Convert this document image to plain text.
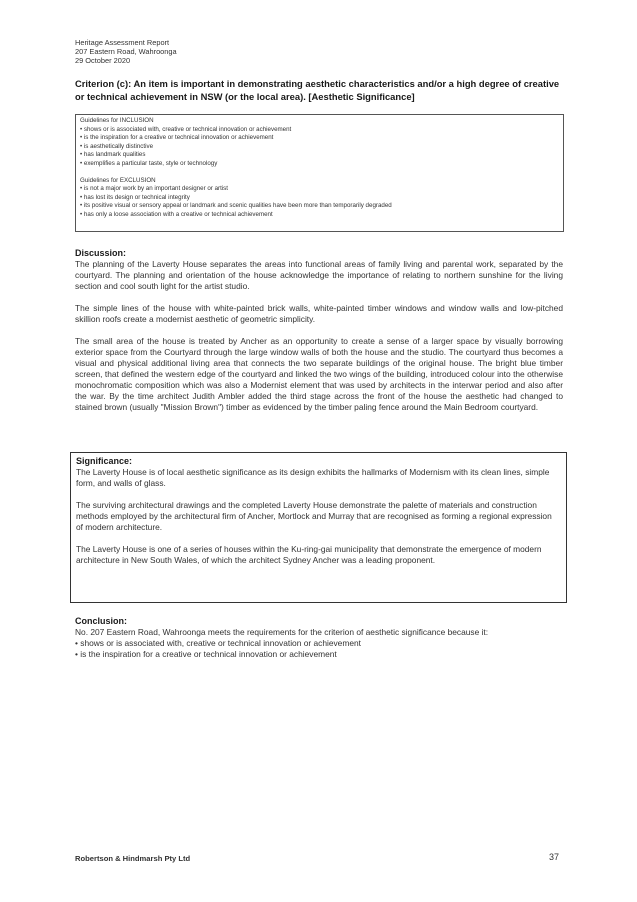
Heritage Assessment Report
207 Eastern Road, Wahroonga
29 October 2020
Criterion (c): An item is important in demonstrating aesthetic characteristics and/or a high degree of creative or technical achievement in NSW (or the local area). [Aesthetic Significance]
Guidelines for INCLUSION
• shows or is associated with, creative or technical innovation or achievement
• is the inspiration for a creative or technical innovation or achievement
• is aesthetically distinctive
• has landmark qualities
• exemplifies a particular taste, style or technology
Guidelines for EXCLUSION
• is not a major work by an important designer or artist
• has lost its design or technical integrity
• its positive visual or sensory appeal or landmark and scenic qualities have been more than temporarily degraded
• has only a loose association with a creative or technical achievement
Discussion:

The planning of the Laverty House separates the areas into functional areas of family living and parental work, separated by the courtyard. The planning and orientation of the house acknowledge the importance of relating to northern sunshine for the living section and cool south light for the artist studio.

The simple lines of the house with white-painted brick walls, white-painted timber windows and window walls and low-pitched skillion roofs create a modernist aesthetic of geometric simplicity.

The small area of the house is treated by Ancher as an opportunity to create a sense of a larger space by visually borrowing exterior space from the Courtyard through the large window walls of both the house and the studio. The courtyard thus becomes a visual and physical additional living area that connects the two separate buildings of the original house. The bright blue timber screen, that defined the western edge of the courtyard and linked the two wings of the building, introduced colour into the otherwise monochromatic composition which was also a Modernist element that was used by architects in the interwar period and also after the war. By the time architect Judith Ambler added the third stage across the front of the house the aesthetic had changed to stained brown (usually "Mission Brown") timber as evidenced by the timber paling fence around the Main Bedroom courtyard.

Significance:

The Laverty House is of local aesthetic significance as its design exhibits the hallmarks of Modernism with its clean lines, simple form, and walls of glass.

The surviving architectural drawings and the completed Laverty House demonstrate the palette of materials and construction methods employed by the architectural firm of Ancher, Mortlock and Murray that are recognised as forming a regional expression of modern architecture.

The Laverty House is one of a series of houses within the Ku-ring-gai municipality that demonstrate the emergence of modern architecture in New South Wales, of which the architect Sydney Ancher was a leading proponent.

Conclusion:

No. 207 Eastern Road, Wahroonga meets the requirements for the criterion of aesthetic significance because it:

• shows or is associated with, creative or technical innovation or achievement

• is the inspiration for a creative or technical innovation or achievement

Robertson & Hindmarsh Pty Ltd	37
